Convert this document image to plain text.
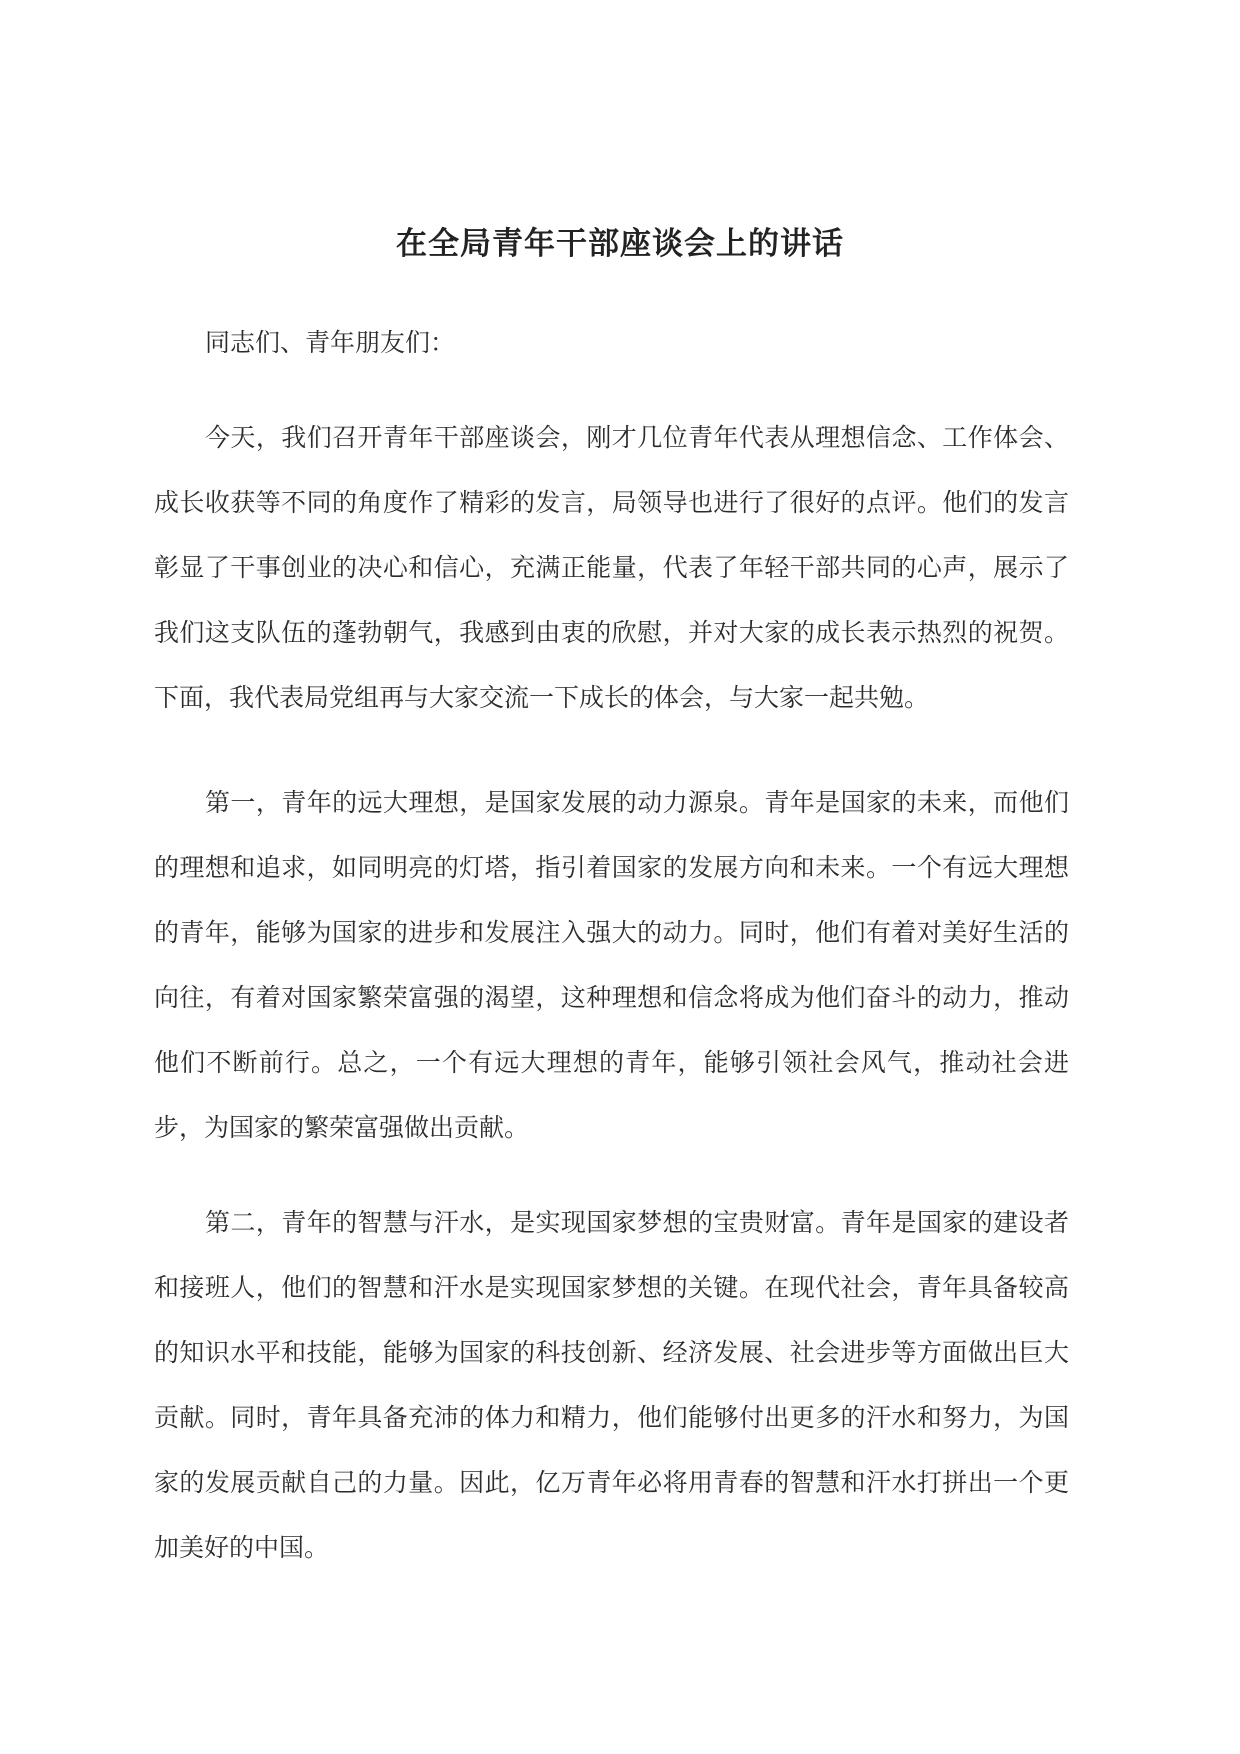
在全局青年干部座谈会上的讲话

同志们、青年朋友们：

今天，我们召开青年干部座谈会，刚才几位青年代表从理想信念、工作体会、成长收获等不同的角度作了精彩的发言，局领导也进行了很好的点评。他们的发言彰显了干事创业的决心和信心，充满正能量，代表了年轻干部共同的心声，展示了我们这支队伍的蓬勃朝气，我感到由衷的欣慰，并对大家的成长表示热烈的祝贺。下面，我代表局党组再与大家交流一下成长的体会，与大家一起共勉。

第一，青年的远大理想，是国家发展的动力源泉。青年是国家的未来，而他们的理想和追求，如同明亮的灯塔，指引着国家的发展方向和未来。一个有远大理想的青年，能够为国家的进步和发展注入强大的动力。同时，他们有着对美好生活的向往，有着对国家繁荣富强的渴望，这种理想和信念将成为他们奋斗的动力，推动他们不断前行。总之，一个有远大理想的青年，能够引领社会风气，推动社会进步，为国家的繁荣富强做出贡献。

第二，青年的智慧与汗水，是实现国家梦想的宝贵财富。青年是国家的建设者和接班人，他们的智慧和汗水是实现国家梦想的关键。在现代社会，青年具备较高的知识水平和技能，能够为国家的科技创新、经济发展、社会进步等方面做出巨大贡献。同时，青年具备充沛的体力和精力，他们能够付出更多的汗水和努力，为国家的发展贡献自己的力量。因此，亿万青年必将用青春的智慧和汗水打拼出一个更加美好的中国。
